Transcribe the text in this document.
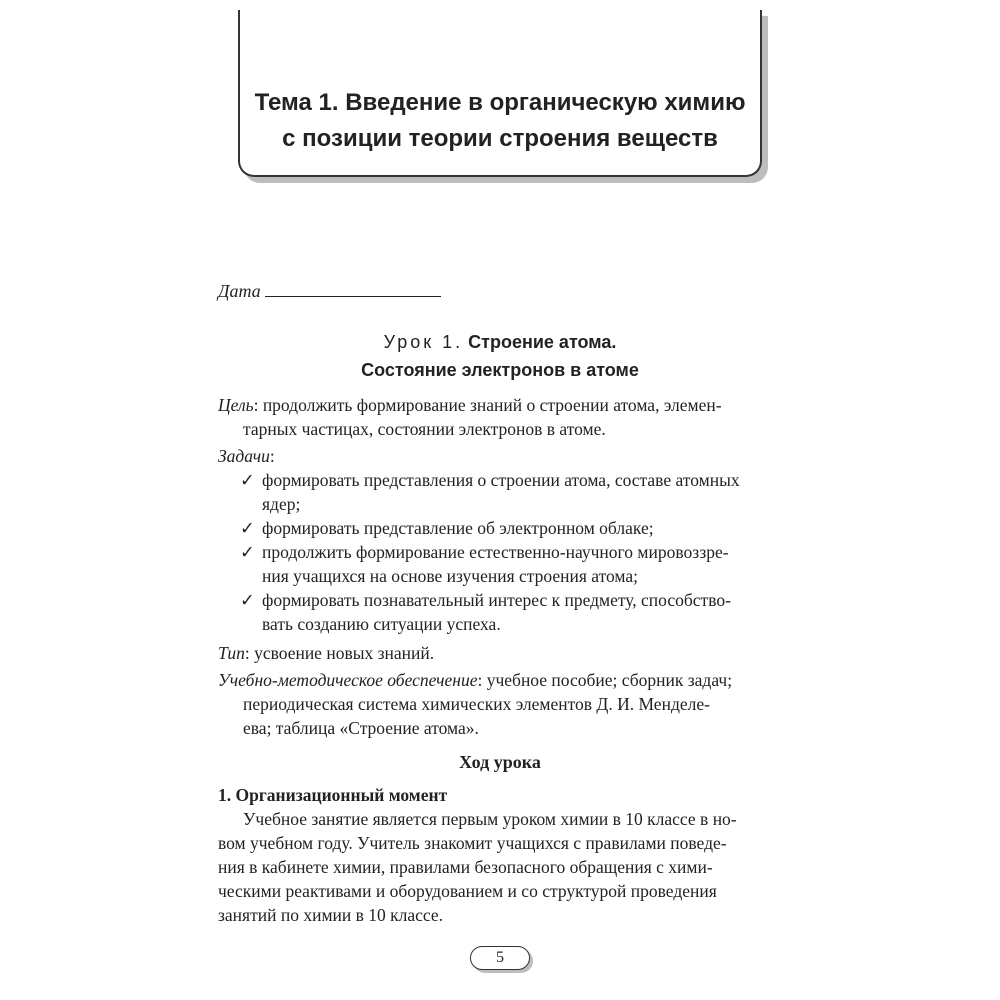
Тема 1. Введение в органическую химию
с позиции теории строения веществ

Дата
Урок 1. Строение атома.
Состояние электронов в атоме
Цель: продолжить формирование знаний о строении атома, элемен-
тарных частицах, состоянии электронов в атоме.
Задачи:
✓ формировать представления о строении атома, составе атомных
ядер;
✓ формировать представление об электронном облаке;
✓ продолжить формирование естественно-научного мировоззре-
ния учащихся на основе изучения строения атома;
✓ формировать познавательный интерес к предмету, способство-
вать созданию ситуации успеха.
Тип: усвоение новых знаний.
Учебно-методическое обеспечение: учебное пособие; сборник задач;
периодическая система химических элементов Д. И. Менделе-
ева; таблица «Строение атома».
Ход урока
1. Организационный момент
Учебное занятие является первым уроком химии в 10 классе в но-
вом учебном году. Учитель знакомит учащихся с правилами поведе-
ния в кабинете химии, правилами безопасного обращения с хими-
ческими реактивами и оборудованием и со структурой проведения
занятий по химии в 10 классе.
5
